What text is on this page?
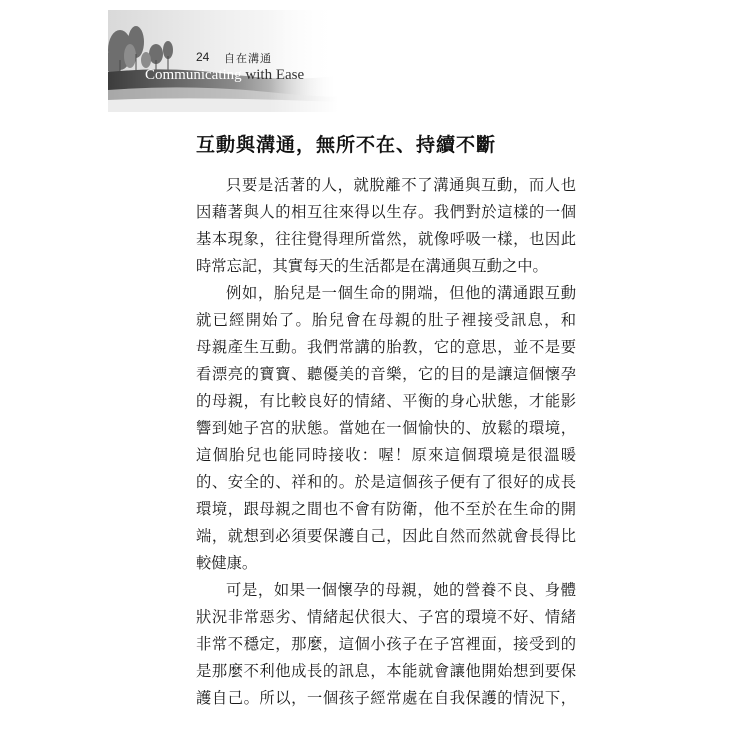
24 自在溝通
Communicating with Ease
互動與溝通，無所不在、持續不斷

只要是活著的人，就脫離不了溝通與互動，而人也
因藉著與人的相互往來得以生存。我們對於這樣的一個
基本現象，往往覺得理所當然，就像呼吸一樣，也因此
時常忘記，其實每天的生活都是在溝通與互動之中。

例如，胎兒是一個生命的開端，但他的溝通跟互動
就已經開始了。胎兒會在母親的肚子裡接受訊息，和
母親產生互動。我們常講的胎教，它的意思，並不是要
看漂亮的寶寶、聽優美的音樂，它的目的是讓這個懷孕
的母親，有比較良好的情緒、平衡的身心狀態，才能影
響到她子宮的狀態。當她在一個愉快的、放鬆的環境，
這個胎兒也能同時接收：喔！原來這個環境是很溫暖
的、安全的、祥和的。於是這個孩子便有了很好的成長
環境，跟母親之間也不會有防衛，他不至於在生命的開
端，就想到必須要保護自己，因此自然而然就會長得比
較健康。

可是，如果一個懷孕的母親，她的營養不良、身體
狀況非常惡劣、情緒起伏很大、子宮的環境不好、情緒
非常不穩定，那麼，這個小孩子在子宮裡面，接受到的
是那麼不利他成長的訊息，本能就會讓他開始想到要保
護自己。所以，一個孩子經常處在自我保護的情況下，
